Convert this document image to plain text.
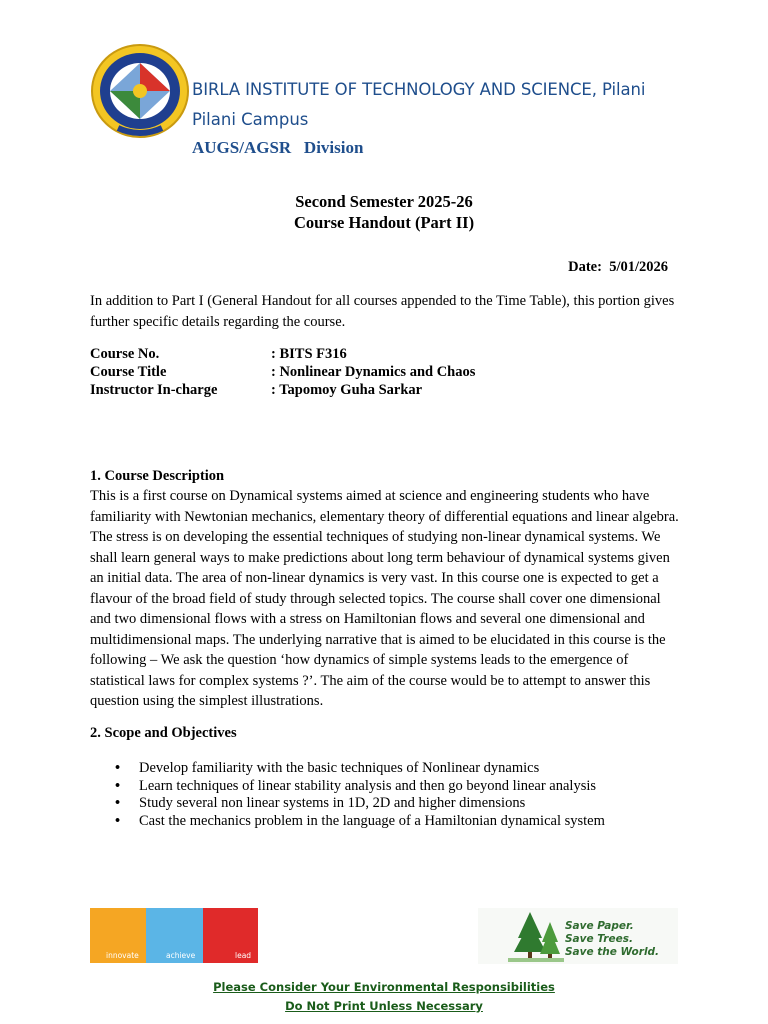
BIRLA INSTITUTE OF TECHNOLOGY AND SCIENCE, Pilani
Pilani Campus
AUGS/AGSR   Division
Second Semester 2025-26
Course Handout (Part II)
Date:  5/01/2026
In addition to Part I (General Handout for all courses appended to the Time Table), this portion gives further specific details regarding the course.
Course No.	: BITS F316
Course Title	: Nonlinear Dynamics and Chaos
Instructor In-charge	: Tapomoy Guha Sarkar
1. Course Description
This is a first course on Dynamical systems aimed at science and engineering students who have familiarity with Newtonian mechanics, elementary theory of differential equations and linear algebra. The stress is on developing the essential techniques of studying non-linear dynamical systems. We shall learn general ways to make predictions about long term behaviour of dynamical systems given an initial data. The area of non-linear dynamics is very vast. In this course one is expected to get a flavour of the broad field of study through selected topics. The course shall cover one dimensional and two dimensional flows with a stress on Hamiltonian flows and several one dimensional and multidimensional maps. The underlying narrative that is aimed to be elucidated in this course is the following – We ask the question ‘how dynamics of simple systems leads to the emergence of statistical laws for complex systems ?’. The aim of the course would be to attempt to answer this question using the simplest illustrations.
2. Scope and Objectives
• Develop familiarity with the basic techniques of Nonlinear dynamics
• Learn techniques of linear stability analysis and then go beyond linear analysis
• Study several non linear systems in 1D, 2D and higher dimensions
• Cast the mechanics problem in the language of a Hamiltonian dynamical system
innovate	achieve	lead
Save Paper.
Save Trees.
Save the World.
Please Consider Your Environmental Responsibilities
Do Not Print Unless Necessary
